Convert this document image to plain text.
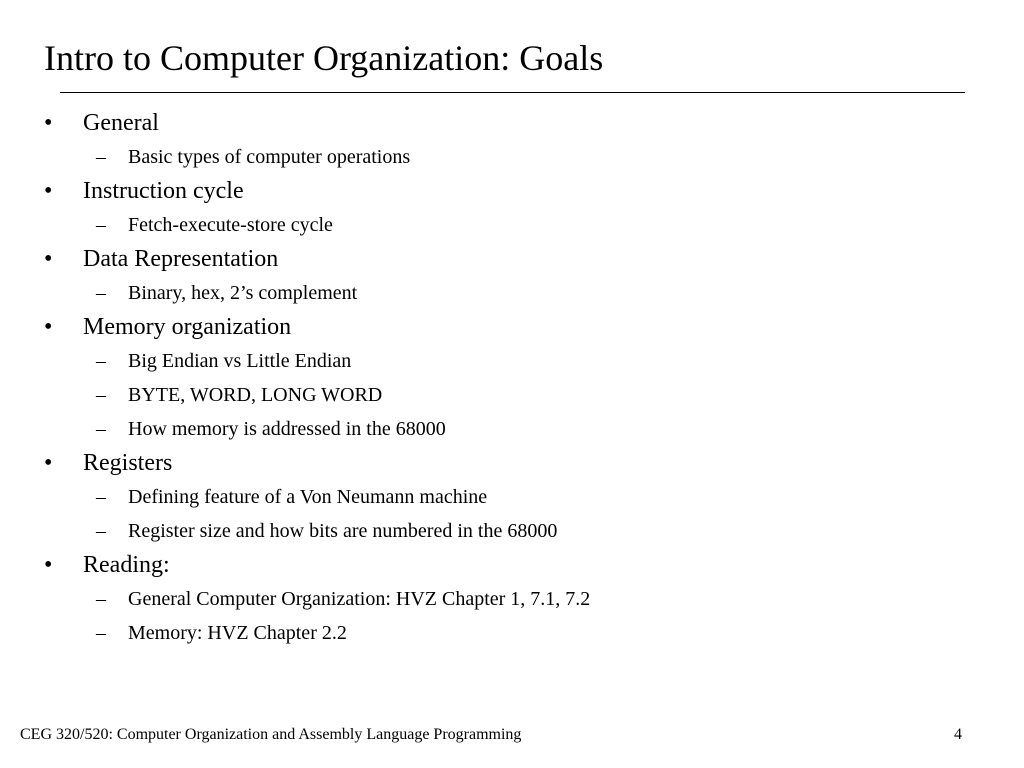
Intro to Computer Organization: Goals
•	General
– Basic types of computer operations
•	Instruction cycle
– Fetch-execute-store cycle
•	Data Representation
– Binary, hex, 2’s complement
•	Memory organization
– Big Endian vs Little Endian
– BYTE, WORD, LONG WORD
– How memory is addressed in the 68000
•	Registers
– Defining feature of a Von Neumann machine
– Register size and how bits are numbered in the 68000
•	Reading:
– General Computer Organization: HVZ Chapter 1, 7.1, 7.2
– Memory: HVZ Chapter 2.2
CEG 320/520: Computer Organization and Assembly Language Programming	4
